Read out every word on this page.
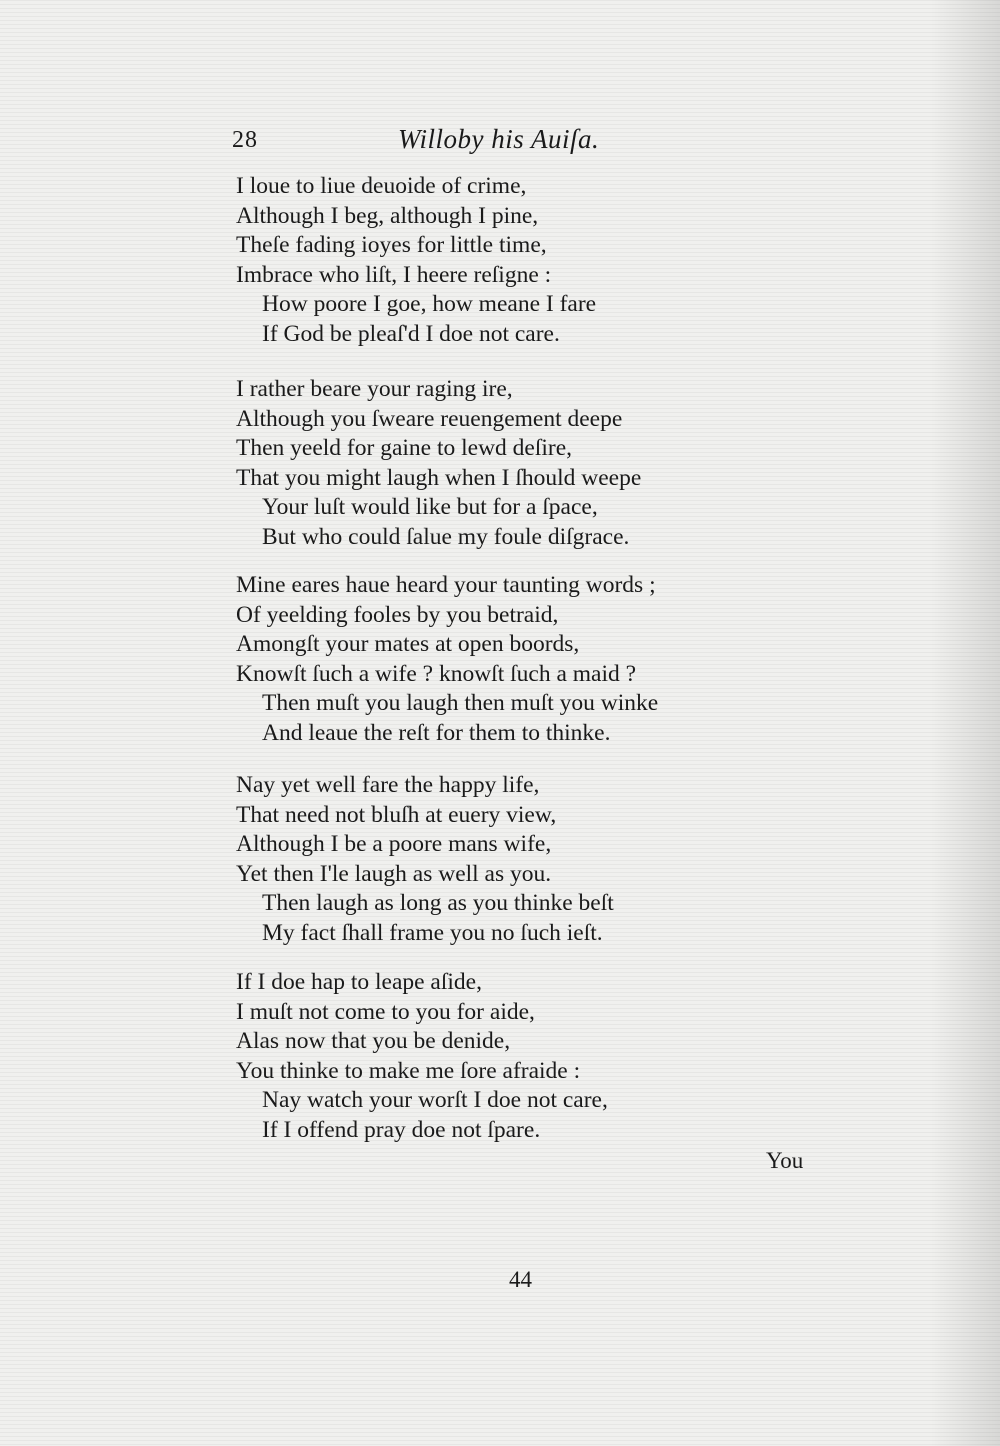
28	Willoby his Auiſa.
I loue to liue deuoide of crime,
Although I beg, although I pine,
Theſe fading ioyes for little time,
Imbrace who liſt, I heere reſigne :
How poore I goe, how meane I fare
If God be pleaſ'd I doe not care.
I rather beare your raging ire,
Although you ſweare reuengement deepe
Then yeeld for gaine to lewd deſire,
That you might laugh when I ſhould weepe
Your luſt would like but for a ſpace,
But who could ſalue my foule diſgrace.
Mine eares haue heard your taunting words ;
Of yeelding fooles by you betraid,
Amongſt your mates at open boords,
Knowſt ſuch a wife ? knowſt ſuch a maid ?
Then muſt you laugh then muſt you winke
And leaue the reſt for them to thinke.
Nay yet well fare the happy life,
That need not bluſh at euery view,
Although I be a poore mans wife,
Yet then I'le laugh as well as you.
Then laugh as long as you thinke beſt
My fact ſhall frame you no ſuch ieſt.
If I doe hap to leape aſide,
I muſt not come to you for aide,
Alas now that you be denide,
You thinke to make me ſore afraide :
Nay watch your worſt I doe not care,
If I offend pray doe not ſpare.
You
44
